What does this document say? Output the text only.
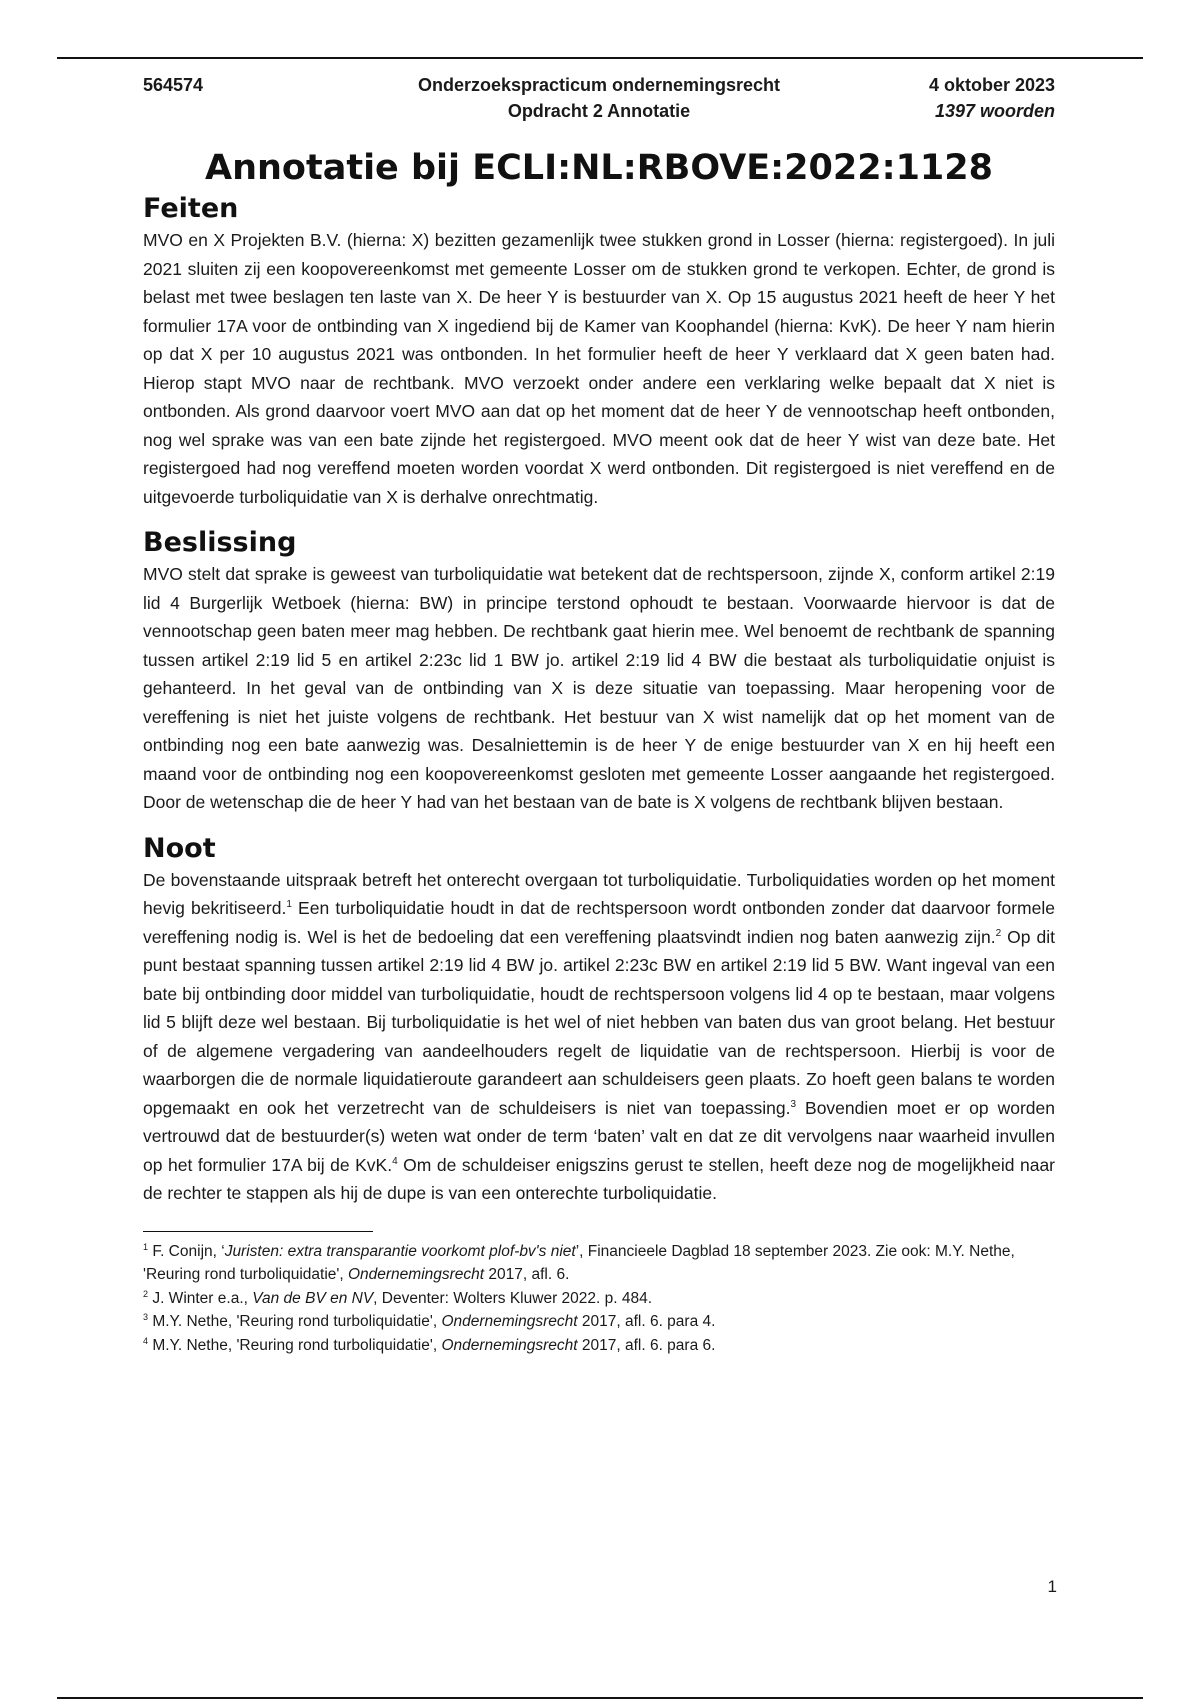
564574	Onderzoekspracticum ondernemingsrecht
Opdracht 2 Annotatie
4 oktober 2023
1397 woorden
Annotatie bij ECLI:NL:RBOVE:2022:1128
Feiten

MVO en X Projekten B.V. (hierna: X) bezitten gezamenlijk twee stukken grond in Losser (hierna: registergoed). In juli 2021 sluiten zij een koopovereenkomst met gemeente Losser om de stukken grond te verkopen. Echter, de grond is belast met twee beslagen ten laste van X. De heer Y is bestuurder van X. Op 15 augustus 2021 heeft de heer Y het formulier 17A voor de ontbinding van X ingediend bij de Kamer van Koophandel (hierna: KvK). De heer Y nam hierin op dat X per 10 augustus 2021 was ontbonden. In het formulier heeft de heer Y verklaard dat X geen baten had. Hierop stapt MVO naar de rechtbank. MVO verzoekt onder andere een verklaring welke bepaalt dat X niet is ontbonden. Als grond daarvoor voert MVO aan dat op het moment dat de heer Y de vennootschap heeft ontbonden, nog wel sprake was van een bate zijnde het registergoed. MVO meent ook dat de heer Y wist van deze bate. Het registergoed had nog vereffend moeten worden voordat X werd ontbonden. Dit registergoed is niet vereffend en de uitgevoerde turboliquidatie van X is derhalve onrechtmatig.

Beslissing

MVO stelt dat sprake is geweest van turboliquidatie wat betekent dat de rechtspersoon, zijnde X, conform artikel 2:19 lid 4 Burgerlijk Wetboek (hierna: BW) in principe terstond ophoudt te bestaan. Voorwaarde hiervoor is dat de vennootschap geen baten meer mag hebben. De rechtbank gaat hierin mee. Wel benoemt de rechtbank de spanning tussen artikel 2:19 lid 5 en artikel 2:23c lid 1 BW jo. artikel 2:19 lid 4 BW die bestaat als turboliquidatie onjuist is gehanteerd. In het geval van de ontbinding van X is deze situatie van toepassing. Maar heropening voor de vereffening is niet het juiste volgens de rechtbank. Het bestuur van X wist namelijk dat op het moment van de ontbinding nog een bate aanwezig was. Desalniettemin is de heer Y de enige bestuurder van X en hij heeft een maand voor de ontbinding nog een koopovereenkomst gesloten met gemeente Losser aangaande het registergoed. Door de wetenschap die de heer Y had van het bestaan van de bate is X volgens de rechtbank blijven bestaan.

Noot

De bovenstaande uitspraak betreft het onterecht overgaan tot turboliquidatie. Turboliquidaties worden op het moment hevig bekritiseerd.$^1$ Een turboliquidatie houdt in dat de rechtspersoon wordt ontbonden zonder dat daarvoor formele vereffening nodig is. Wel is het de bedoeling dat een vereffening plaatsvindt indien nog baten aanwezig zijn.$^2$ Op dit punt bestaat spanning tussen artikel 2:19 lid 4 BW jo. artikel 2:23c BW en artikel 2:19 lid 5 BW. Want ingeval van een bate bij ontbinding door middel van turboliquidatie, houdt de rechtspersoon volgens lid 4 op te bestaan, maar volgens lid 5 blijft deze wel bestaan. Bij turboliquidatie is het wel of niet hebben van baten dus van groot belang. Het bestuur of de algemene vergadering van aandeelhouders regelt de liquidatie van de rechtspersoon. Hierbij is voor de waarborgen die de normale liquidatieroute garandeert aan schuldeisers geen plaats. Zo hoeft geen balans te worden opgemaakt en ook het verzetrecht van de schuldeisers is niet van toepassing.$^3$ Bovendien moet er op worden vertrouwd dat de bestuurder(s) weten wat onder de term ‘baten’ valt en dat ze dit vervolgens naar waarheid invullen op het formulier 17A bij de KvK.$^4$ Om de schuldeiser enigszins gerust te stellen, heeft deze nog de mogelijkheid naar de rechter te stappen als hij de dupe is van een onterechte turboliquidatie.

$^1$ F. Conijn, ‘Juristen: extra transparantie voorkomt plof-bv's niet’, Financieele Dagblad 18 september 2023. Zie ook: M.Y. Nethe, 'Reuring rond turboliquidatie', Ondernemingsrecht 2017, afl. 6.

$^2$ J. Winter e.a., Van de BV en NV, Deventer: Wolters Kluwer 2022. p. 484.

$^3$ M.Y. Nethe, 'Reuring rond turboliquidatie', Ondernemingsrecht 2017, afl. 6. para 4.

$^4$ M.Y. Nethe, 'Reuring rond turboliquidatie', Ondernemingsrecht 2017, afl. 6. para 6.

1
